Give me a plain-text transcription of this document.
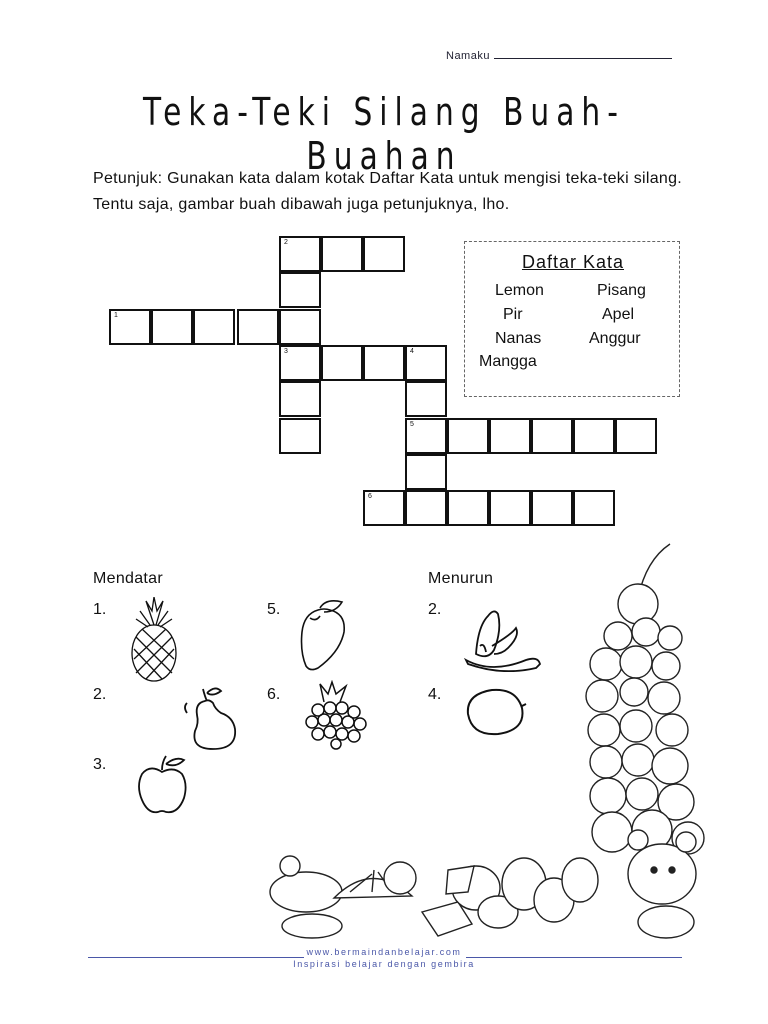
Namaku
Teka-Teki Silang Buah-Buahan
Petunjuk: Gunakan kata dalam kotak Daftar Kata untuk mengisi teka-teki silang. Tentu saja, gambar buah dibawah juga petunjuknya, lho.
2
1
3	4
5
6
Daftar Kata
Lemon	Pisang
Pir	Apel
Nanas	Anggur
Mangga
Mendatar	Menurun
1.
2.
3.
5.
6.
2.
4.
www.bermaindanbelajar.com
Inspirasi belajar dengan gembira
